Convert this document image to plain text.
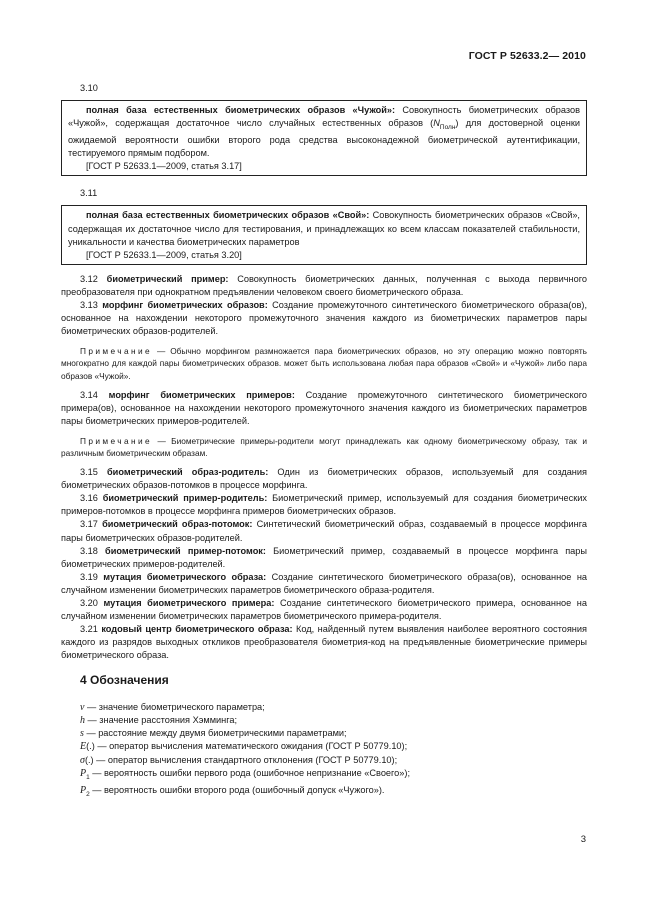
ГОСТ Р 52633.2— 2010

3.10

полная база естественных биометрических образов «Чужой»: Совокупность биометрических образов «Чужой», содержащая достаточное число случайных естественных образов $(N_{Полн})$ для достоверной оценки ожидаемой вероятности ошибки второго рода средства высоконадежной биометрической аутентификации, тестируемого прямым подбором.

[ГОСТ Р 52633.1—2009, статья 3.17]

3.11

полная база естественных биометрических образов «Свой»: Совокупность биометрических образов «Свой», содержащая их достаточное число для тестирования, и принадлежащих ко всем классам показателей стабильности, уникальности и качества биометрических параметров

[ГОСТ Р 52633.1—2009, статья 3.20]

3.12 биометрический пример: Совокупность биометрических данных, полученная с выхода первичного преобразователя при однократном предъявлении человеком своего биометрического образа.

3.13 морфинг биометрических образов: Создание промежуточного синтетического биометрического образа(ов), основанное на нахождении некоторого промежуточного значения каждого из биометрических параметров пары биометрических образов-родителей.

Примечание — Обычно морфингом размножается пара биометрических образов, но эту операцию можно повторять многократно для каждой пары биометрических образов. может быть использована любая пара образов «Свой» и «Чужой» либо пара образов «Чужой».

3.14 морфинг биометрических примеров: Создание промежуточного синтетического биометрического примера(ов), основанное на нахождении некоторого промежуточного значения каждого из биометрических параметров пары биометрических примеров-родителей.

Примечание — Биометрические примеры-родители могут принадлежать как одному биометрическому образу, так и различным биометрическим образам.

3.15 биометрический образ-родитель: Один из биометрических образов, используемый для создания биометрических образов-потомков в процессе морфинга.

3.16 биометрический пример-родитель: Биометрический пример, используемый для создания биометрических примеров-потомков в процессе морфинга примеров биометрических образов.

3.17 биометрический образ-потомок: Синтетический биометрический образ, создаваемый в процессе морфинга пары биометрических образов-родителей.

3.18 биометрический пример-потомок: Биометрический пример, создаваемый в процессе морфинга пары биометрических примеров-родителей.

3.19 мутация биометрического образа: Создание синтетического биометрического образа(ов), основанное на случайном изменении биометрических параметров биометрического образа-родителя.

3.20 мутация биометрического примера: Создание синтетического биометрического примера, основанное на случайном изменении биометрических параметров биометрического примера-родителя.

3.21 кодовый центр биометрического образа: Код, найденный путем выявления наиболее вероятного состояния каждого из разрядов выходных откликов преобразователя биометрия-код на предъявленные биометрические примеры биометрического образа.

4 Обозначения

v — значение биометрического параметра;

h — значение расстояния Хэмминга;

s — расстояние между двумя биометрическими параметрами;

E(.) — оператор вычисления математического ожидания (ГОСТ Р 50779.10);

σ(.) — оператор вычисления стандартного отклонения (ГОСТ Р 50779.10);

$P_1$ — вероятность ошибки первого рода (ошибочное непризнание «Своего»);

$P_2$ — вероятность ошибки второго рода (ошибочный допуск «Чужого»).

3
